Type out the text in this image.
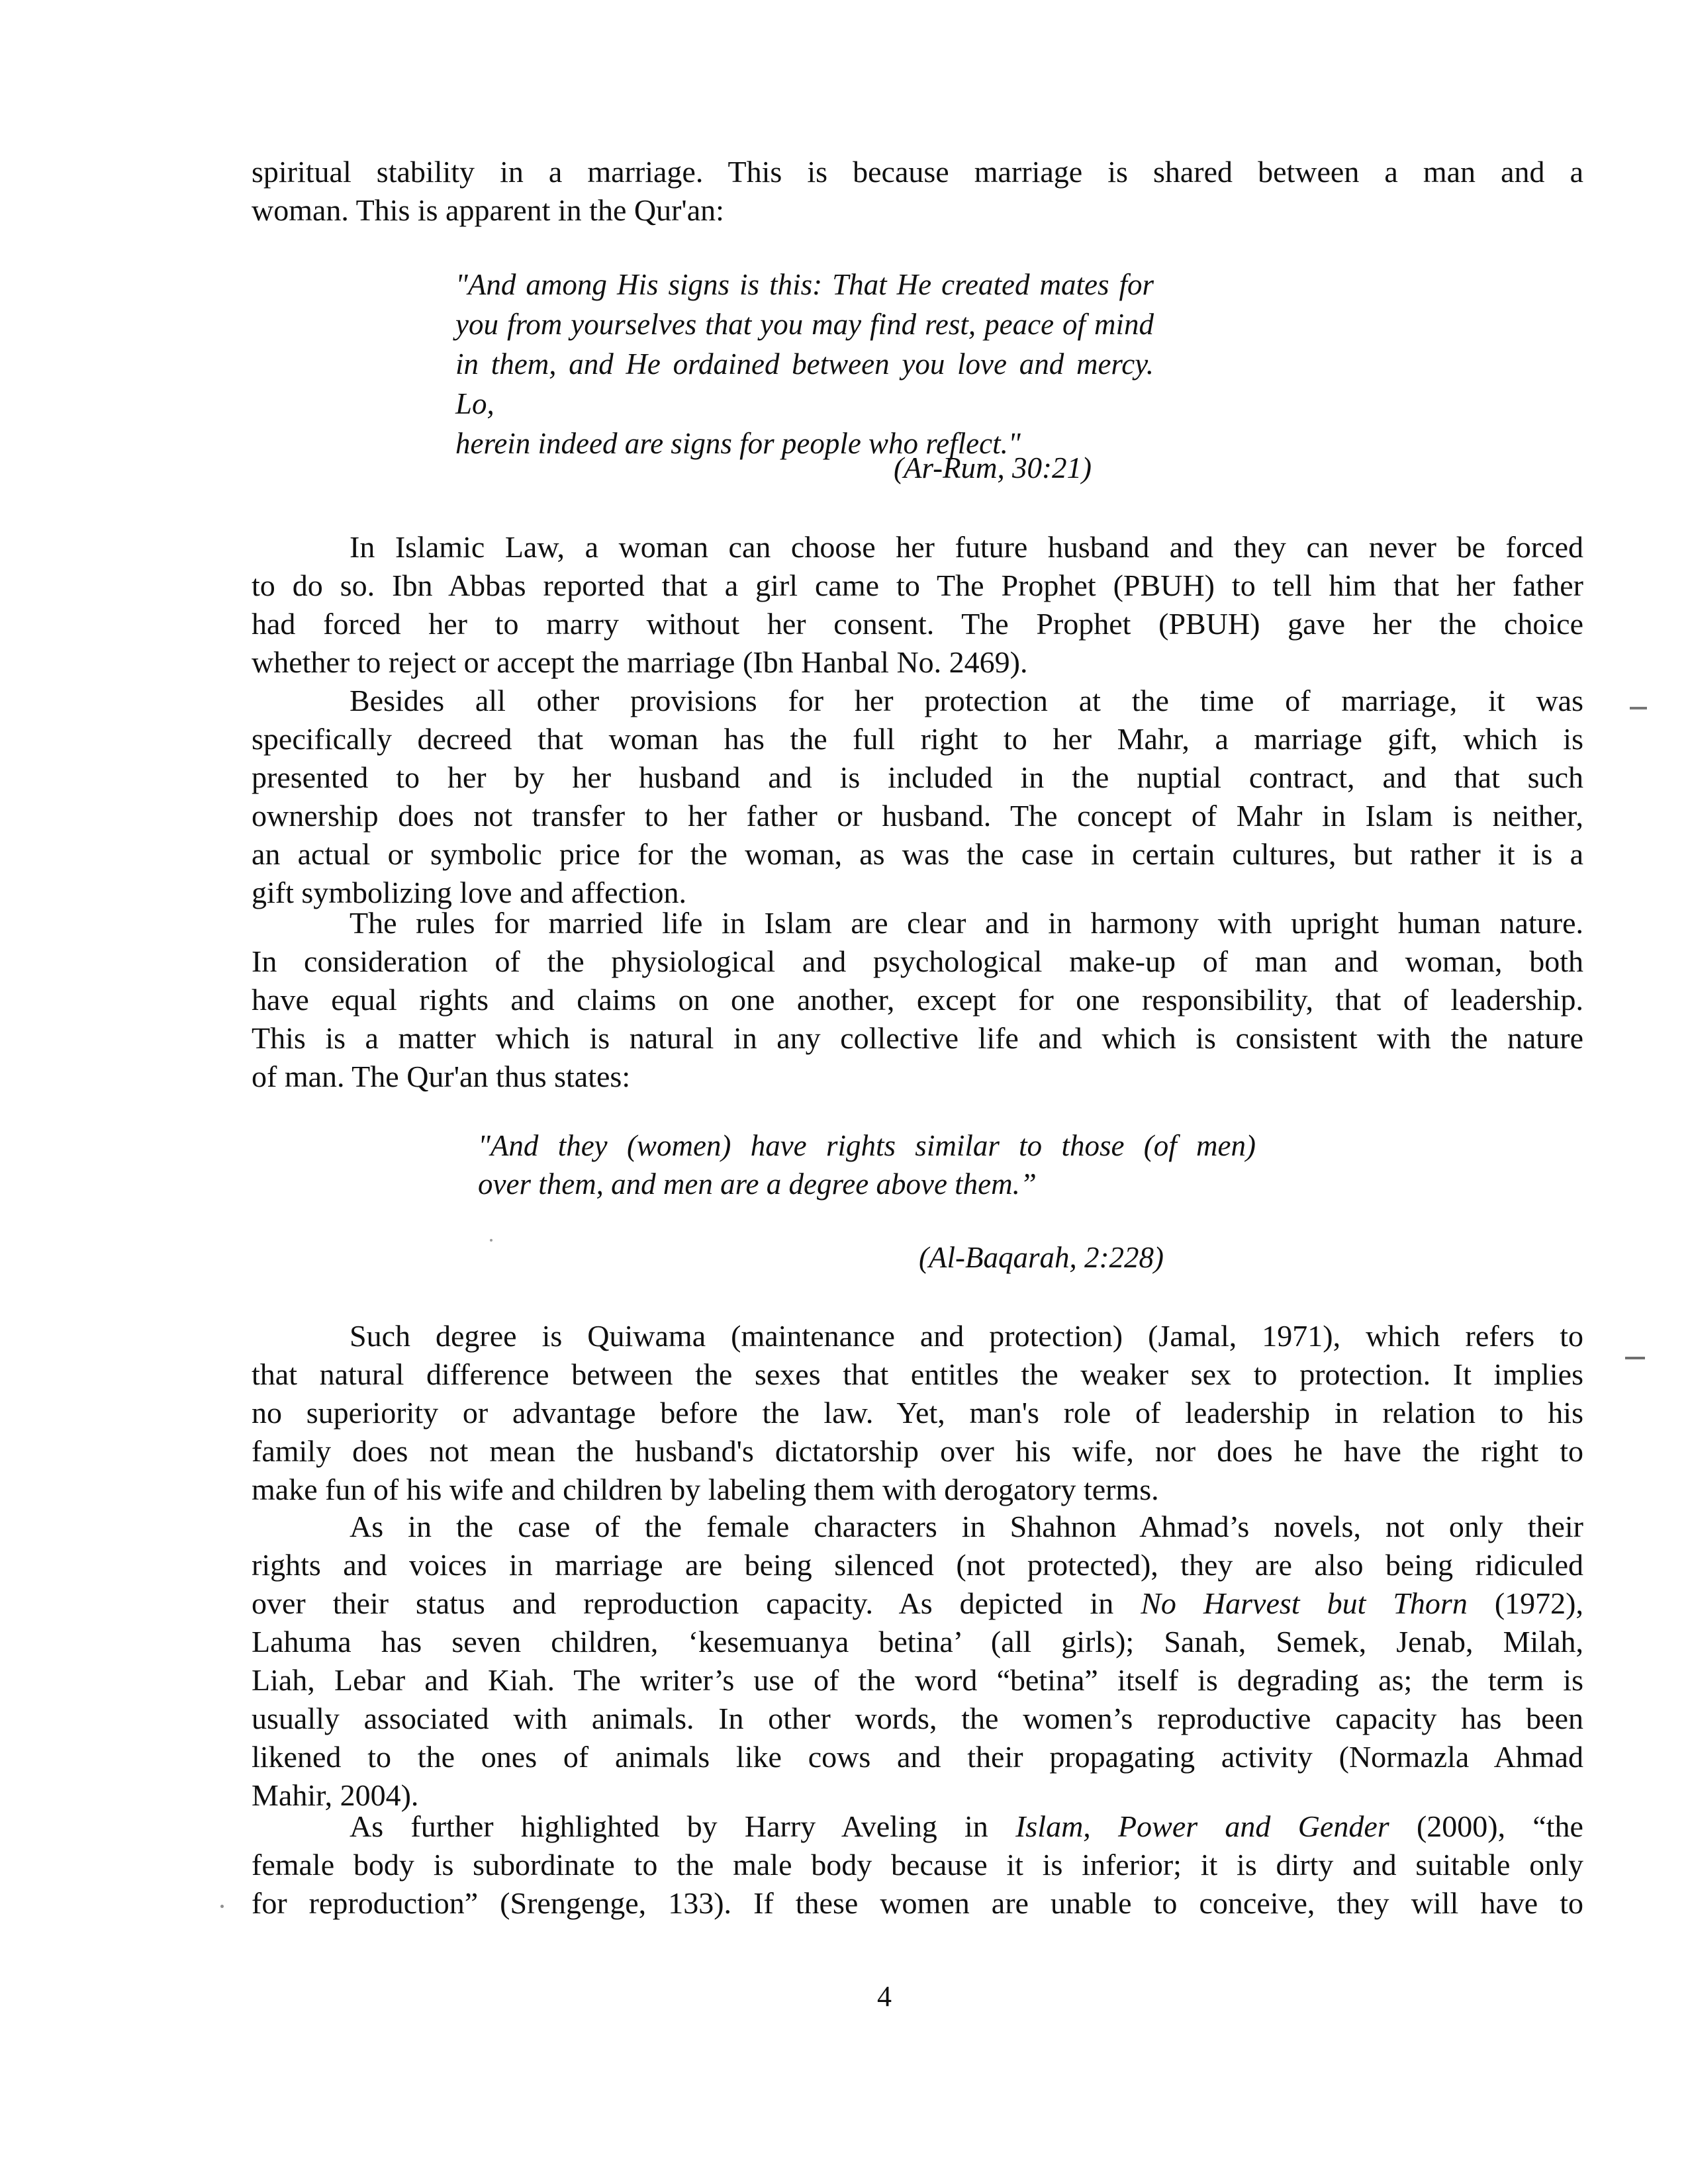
spiritual stability in a marriage. This is because marriage is shared between a man and a
woman. This is apparent in the Qur'an:
"And among His signs is this: That He created mates for
you from yourselves that you may find rest, peace of mind
in them, and He ordained between you love and mercy. Lo,
herein indeed are signs for people who reflect."
(Ar-Rum, 30:21)
In Islamic Law, a woman can choose her future husband and they can never be forced
to do so. Ibn Abbas reported that a girl came to The Prophet (PBUH) to tell him that her father
had forced her to marry without her consent. The Prophet (PBUH) gave her the choice
whether to reject or accept the marriage (Ibn Hanbal No. 2469).
Besides all other provisions for her protection at the time of marriage, it was
specifically decreed that woman has the full right to her Mahr, a marriage gift, which is
presented to her by her husband and is included in the nuptial contract, and that such
ownership does not transfer to her father or husband. The concept of Mahr in Islam is neither,
an actual or symbolic price for the woman, as was the case in certain cultures, but rather it is a
gift symbolizing love and affection.
The rules for married life in Islam are clear and in harmony with upright human nature.
In consideration of the physiological and psychological make-up of man and woman, both
have equal rights and claims on one another, except for one responsibility, that of leadership.
This is a matter which is natural in any collective life and which is consistent with the nature
of man. The Qur'an thus states:
"And they (women) have rights similar to those (of men)
over them, and men are a degree above them.”
(Al-Baqarah, 2:228)
Such degree is Quiwama (maintenance and protection) (Jamal, 1971), which refers to
that natural difference between the sexes that entitles the weaker sex to protection. It implies
no superiority or advantage before the law. Yet, man's role of leadership in relation to his
family does not mean the husband's dictatorship over his wife, nor does he have the right to
make fun of his wife and children by labeling them with derogatory terms.
As in the case of the female characters in Shahnon Ahmad’s novels, not only their
rights and voices in marriage are being silenced (not protected), they are also being ridiculed
over their status and reproduction capacity. As depicted in No Harvest but Thorn (1972),
Lahuma has seven children, ‘kesemuanya betina’ (all girls); Sanah, Semek, Jenab, Milah,
Liah, Lebar and Kiah. The writer’s use of the word “betina” itself is degrading as; the term is
usually associated with animals. In other words, the women’s reproductive capacity has been
likened to the ones of animals like cows and their propagating activity (Normazla Ahmad
Mahir, 2004).
As further highlighted by Harry Aveling in Islam, Power and Gender (2000), “the
female body is subordinate to the male body because it is inferior; it is dirty and suitable only
for reproduction” (Srengenge, 133). If these women are unable to conceive, they will have to
4
